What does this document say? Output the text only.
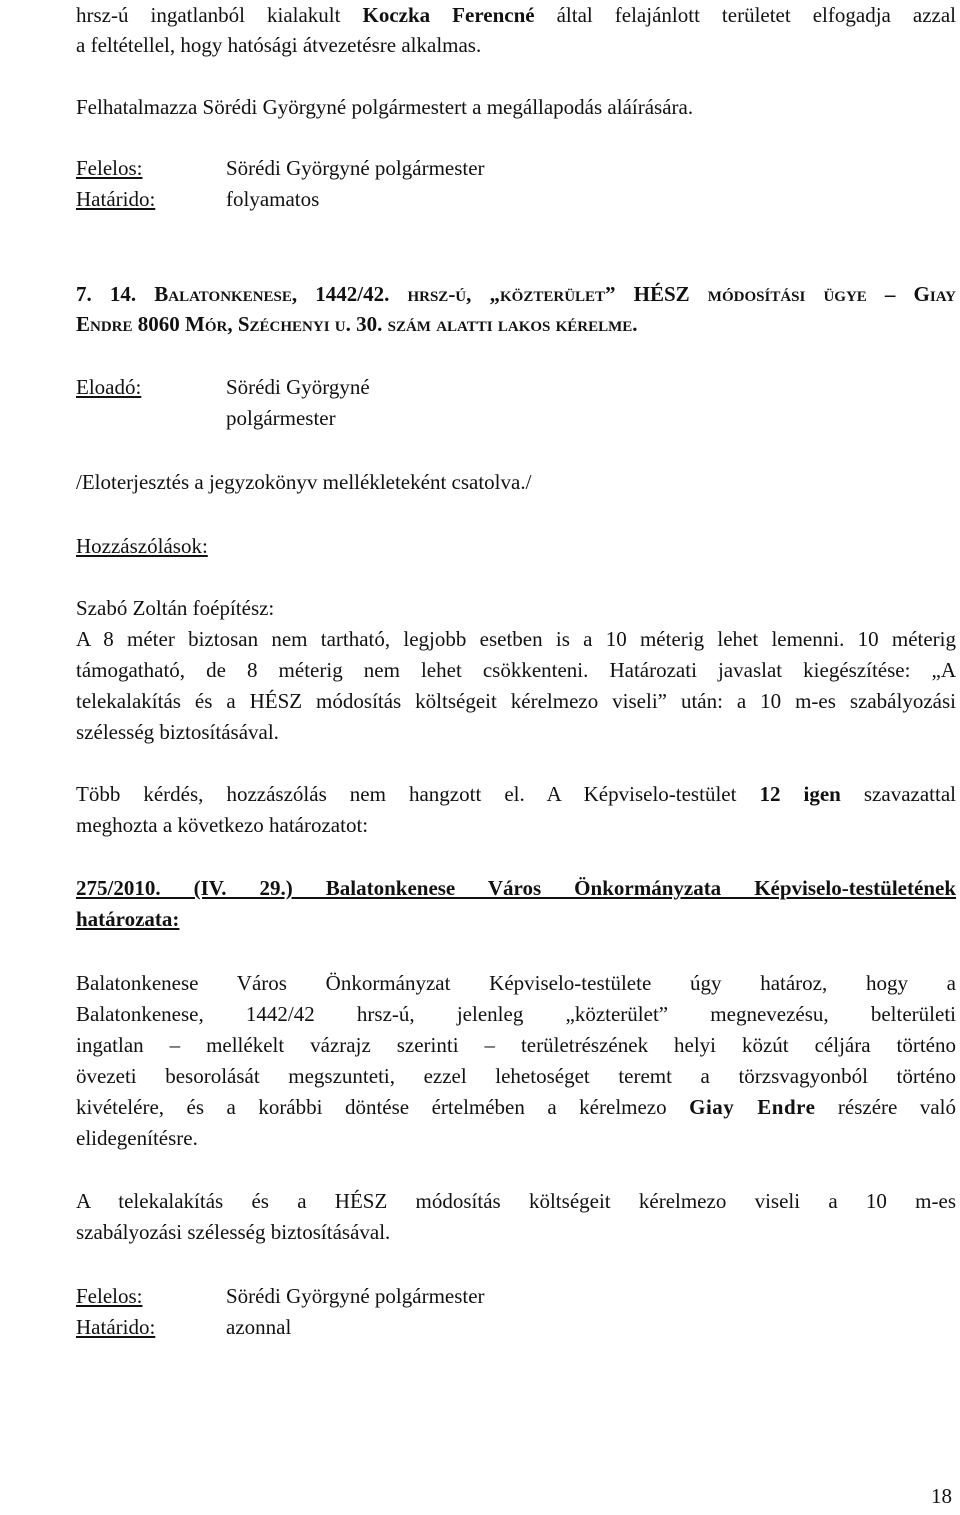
hrsz-ú ingatlanból kialakult Koczka Ferencné által felajánlott területet elfogadja azzal
a feltétellel, hogy hatósági átvezetésre alkalmas.
Felhatalmazza Sörédi Györgyné polgármestert a megállapodás aláírására.
Felelos:	Sörédi Györgyné polgármester
Határido:	folyamatos
7. 14. Balatonkenese, 1442/42. hrsz-ú, „közterület” HÉSZ módosítási ügye – Giay
Endre 8060 Mór, Széchenyi u. 30. szám alatti lakos kérelme.
Eloadó:	Sörédi Györgyné
polgármester
/Eloterjesztés a jegyzokönyv mellékleteként csatolva./
Hozzászólások:
Szabó Zoltán foépítész:
A 8 méter biztosan nem tartható, legjobb esetben is a 10 méterig lehet lemenni. 10 méterig
támogatható, de 8 méterig nem lehet csökkenteni. Határozati javaslat kiegészítése: „A
telekalakítás és a HÉSZ módosítás költségeit kérelmezo viseli” után: a 10 m-es szabályozási
szélesség biztosításával.
Több kérdés, hozzászólás nem hangzott el. A Képviselo-testület 12 igen szavazattal
meghozta a következo határozatot:
275/2010. (IV. 29.) Balatonkenese Város Önkormányzata Képviselo-testületének
határozata:
Balatonkenese Város Önkormányzat Képviselo-testülete úgy határoz, hogy a
Balatonkenese, 1442/42 hrsz-ú, jelenleg „közterület” megnevezésu, belterületi
ingatlan – mellékelt vázrajz szerinti – területrészének helyi közút céljára történo
övezeti besorolását megszunteti, ezzel lehetoséget teremt a törzsvagyonból történo
kivételére, és a korábbi döntése értelmében a kérelmezo Giay Endre részére való
elidegenítésre.
A telekalakítás és a HÉSZ módosítás költségeit kérelmezo viseli a 10 m-es
szabályozási szélesség biztosításával.
Felelos:	Sörédi Györgyné polgármester
Határido:	azonnal
18
